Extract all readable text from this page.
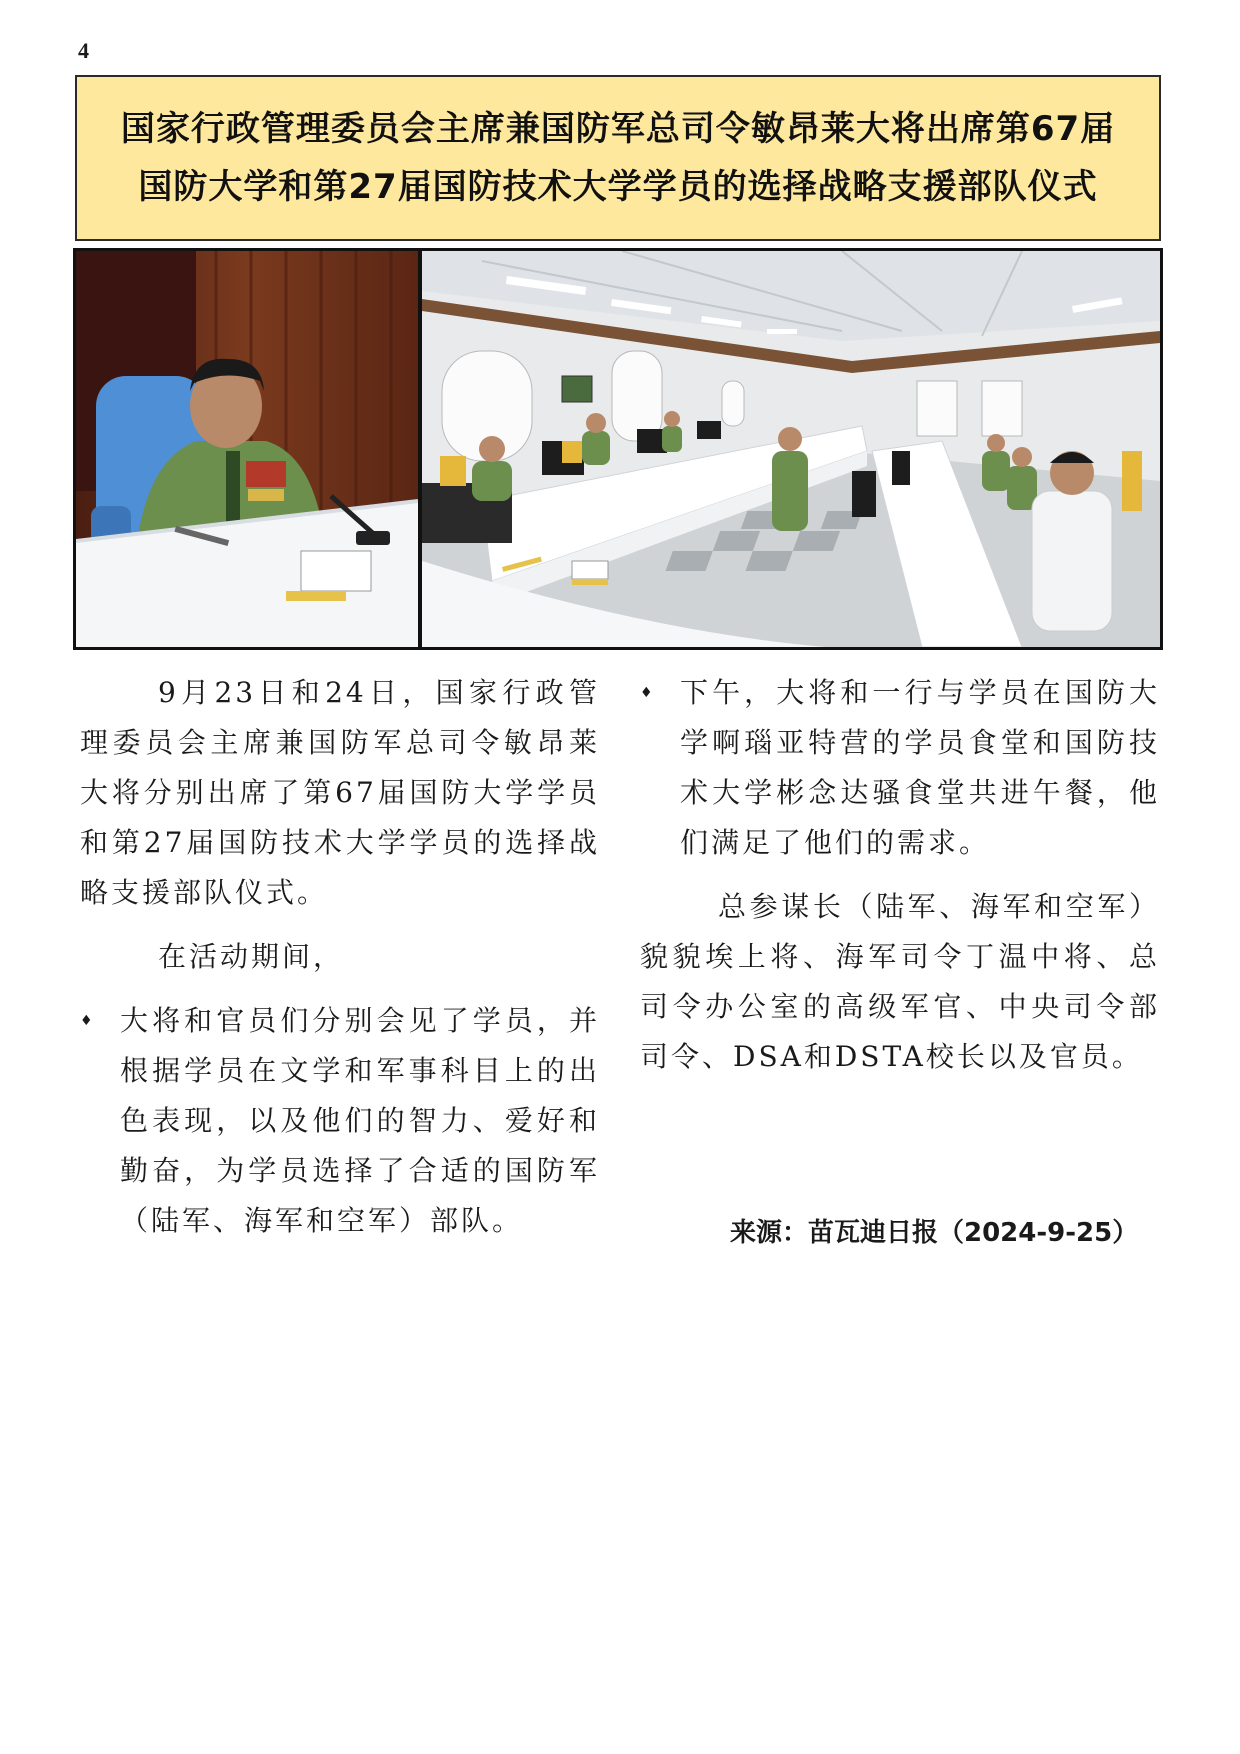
4
国家行政管理委员会主席兼国防军总司令敏昂莱大将出席第67届
国防大学和第27届国防技术大学学员的选择战略支援部队仪式

9月23日和24日，国家行政管理委员会主席兼国防军总司令敏昂莱大将分别出席了第67届国防大学学员和第27届国防技术大学学员的选择战略支援部队仪式。

在活动期间，

♦ 大将和官员们分别会见了学员，并根据学员在文学和军事科目上的出色表现，以及他们的智力、爱好和勤奋，为学员选择了合适的国防军（陆军、海军和空军）部队。

♦ 下午，大将和一行与学员在国防大学啊瑙亚特营的学员食堂和国防技术大学彬念达骚食堂共进午餐，他们满足了他们的需求。

总参谋长（陆军、海军和空军）貌貌埃上将、海军司令丁温中将、总司令办公室的高级军官、中央司令部司令、DSA和DSTA校长以及官员。

来源：苗瓦迪日报（2024-9-25）
